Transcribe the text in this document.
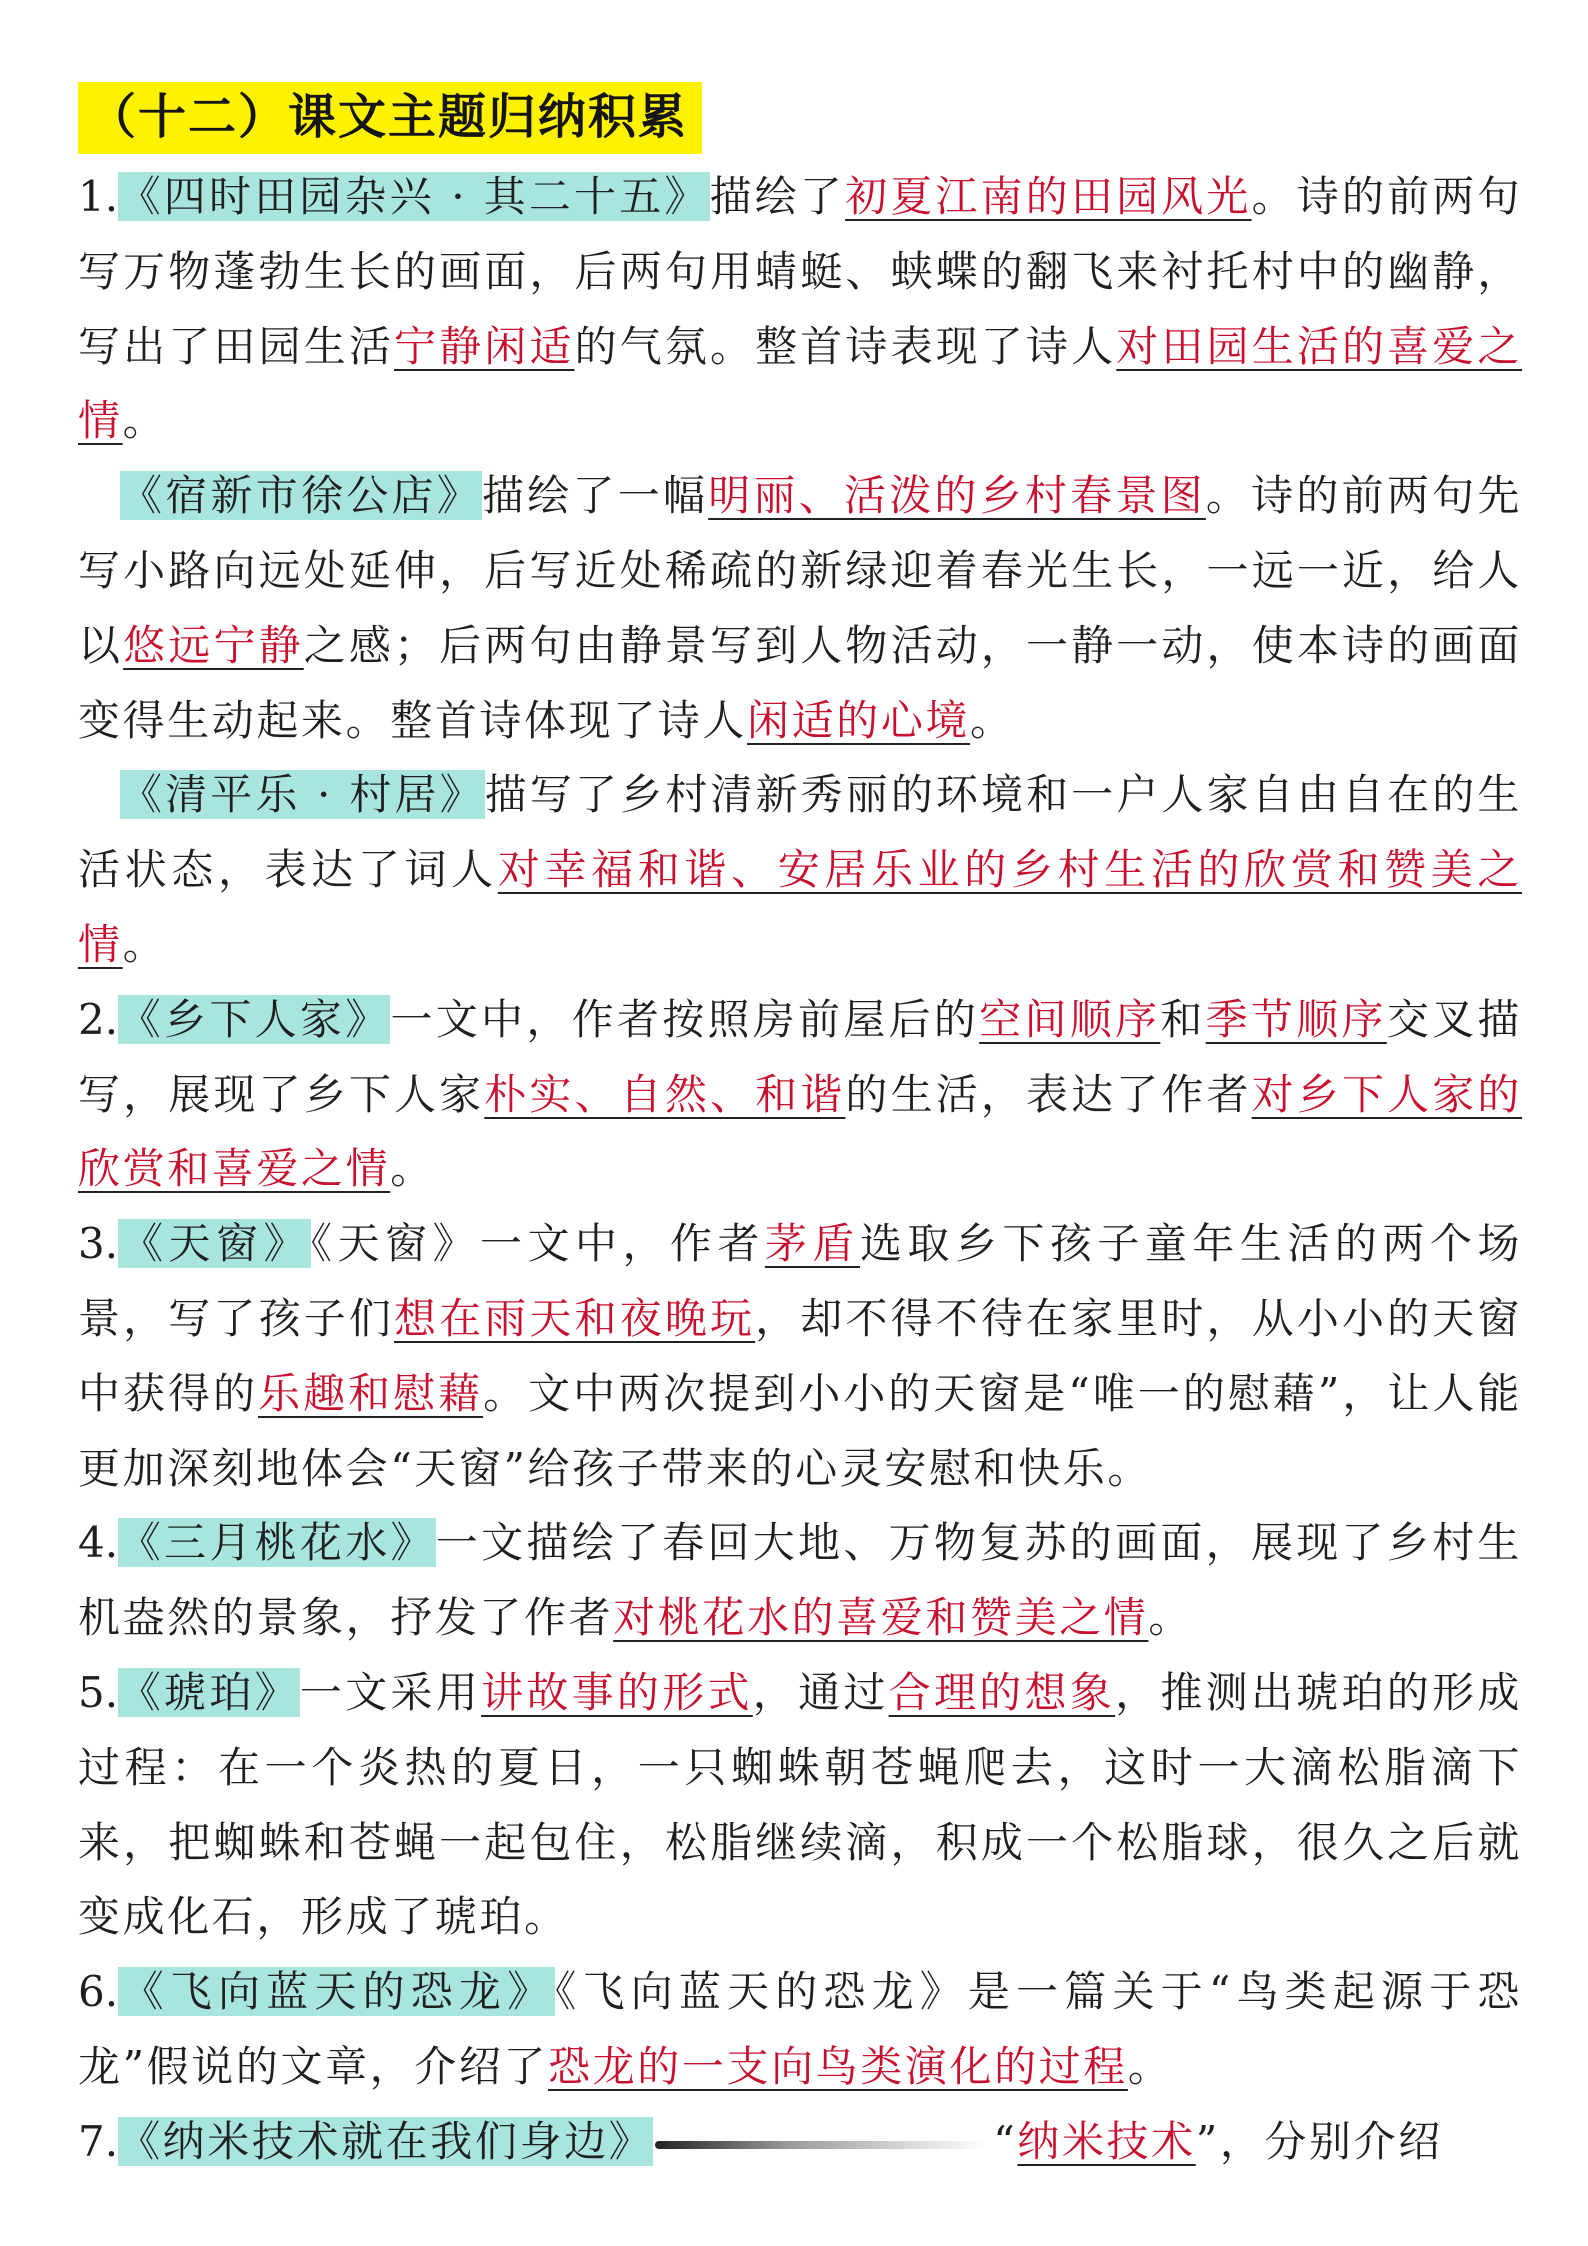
（十二）课文主题归纳积累

1.《四时田园杂兴 · 其二十五》描绘了初夏江南的田园风光。诗的前两句写万物蓬勃生长的画面，后两句用蜻蜓、蛱蝶的翻飞来衬托村中的幽静，写出了田园生活宁静闲适的气氛。整首诗表现了诗人对田园生活的喜爱之情。

《宿新市徐公店》描绘了一幅明丽、活泼的乡村春景图。诗的前两句先写小路向远处延伸，后写近处稀疏的新绿迎着春光生长，一远一近，给人以悠远宁静之感；后两句由静景写到人物活动，一静一动，使本诗的画面变得生动起来。整首诗体现了诗人闲适的心境。

《清平乐 · 村居》描写了乡村清新秀丽的环境和一户人家自由自在的生活状态，表达了词人对幸福和谐、安居乐业的乡村生活的欣赏和赞美之情。

2.《乡下人家》一文中，作者按照房前屋后的空间顺序和季节顺序交叉描写，展现了乡下人家朴实、自然、和谐的生活，表达了作者对乡下人家的欣赏和喜爱之情。

3.《天窗》《天窗》一文中，作者茅盾选取乡下孩子童年生活的两个场景，写了孩子们想在雨天和夜晚玩，却不得不待在家里时，从小小的天窗中获得的乐趣和慰藉。文中两次提到小小的天窗是“唯一的慰藉”，让人能更加深刻地体会“天窗”给孩子带来的心灵安慰和快乐。

4.《三月桃花水》一文描绘了春回大地、万物复苏的画面，展现了乡村生机盎然的景象，抒发了作者对桃花水的喜爱和赞美之情。

5.《琥珀》一文采用讲故事的形式，通过合理的想象，推测出琥珀的形成过程：在一个炎热的夏日，一只蜘蛛朝苍蝇爬去，这时一大滴松脂滴下来，把蜘蛛和苍蝇一起包住，松脂继续滴，积成一个松脂球，很久之后就变成化石，形成了琥珀。

6.《飞向蓝天的恐龙》《飞向蓝天的恐龙》是一篇关于“鸟类起源于恐龙”假说的文章，介绍了恐龙的一支向鸟类演化的过程。

7.《纳米技术就在我们身边》	“纳米技术”，分别介绍
